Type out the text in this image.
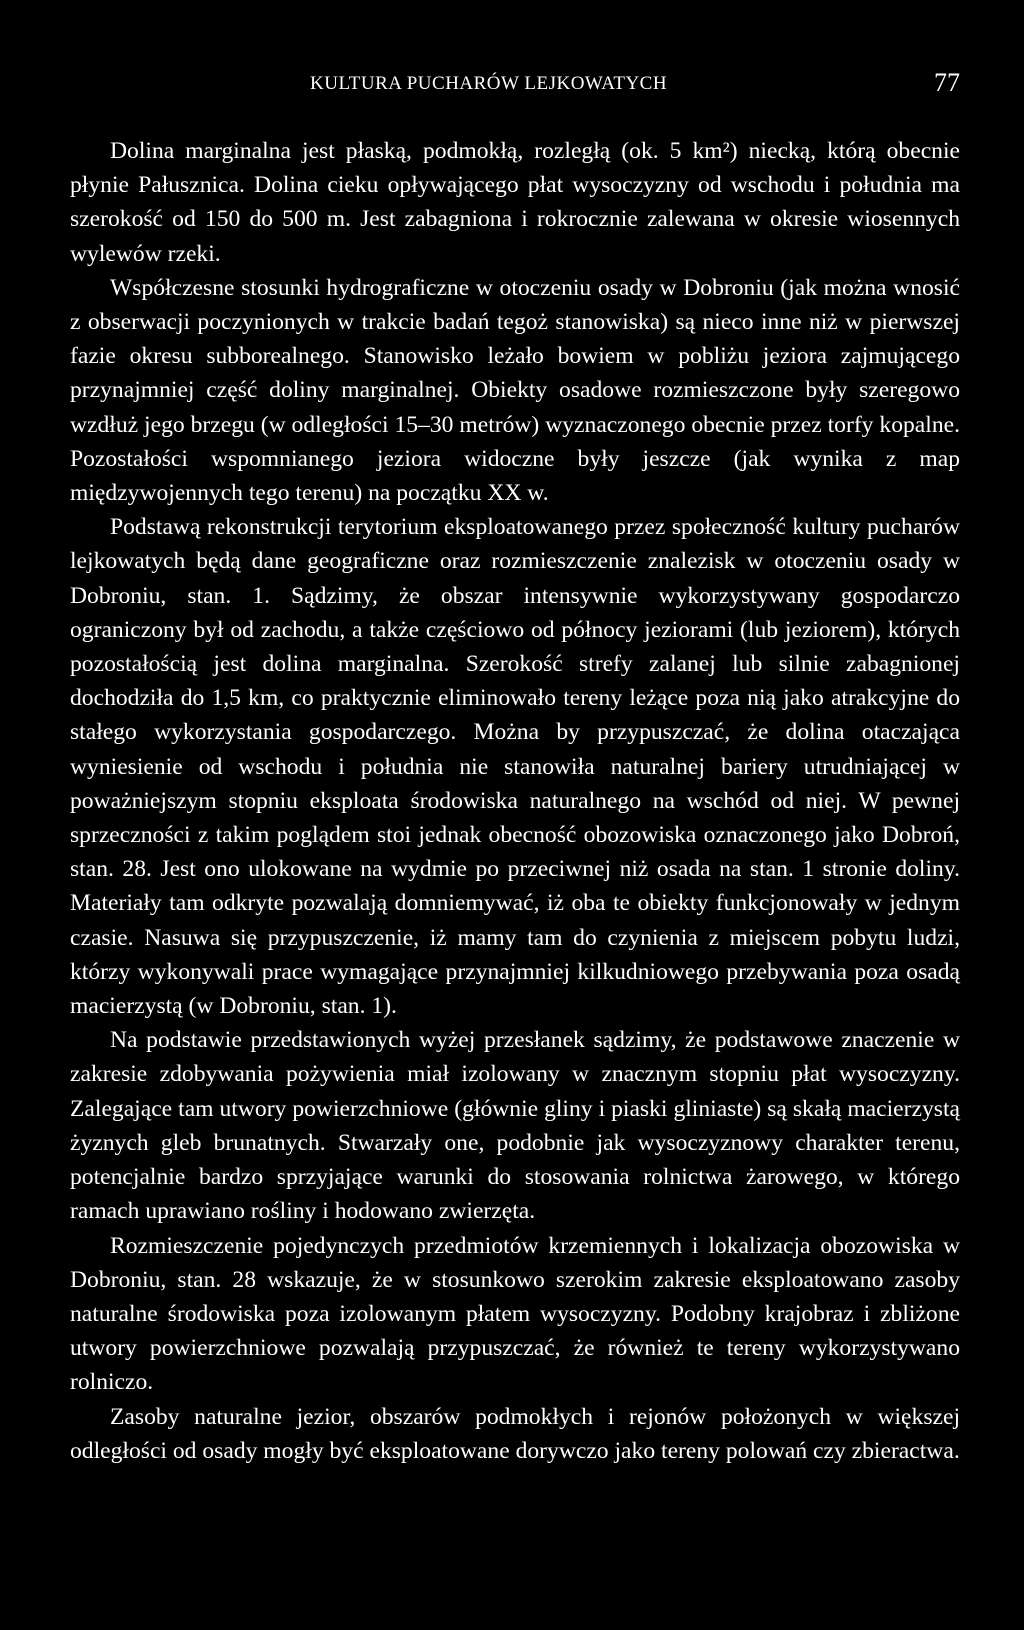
KULTURA PUCHARÓW LEJKOWATYCH	77

Dolina marginalna jest płaską, podmokłą, rozległą (ok. 5 km²) niecką, którą obecnie płynie Pałusznica. Dolina cieku opływającego płat wysoczyzny od wschodu i południa ma szerokość od 150 do 500 m. Jest zabagniona i rokrocznie zalewana w okresie wiosennych wylewów rzeki.

Współczesne stosunki hydrograficzne w otoczeniu osady w Dobroniu (jak można wnosić z obserwacji poczynionych w trakcie badań tegoż stanowiska) są nieco inne niż w pierwszej fazie okresu subborealnego. Stanowisko leżało bowiem w pobliżu jeziora zajmującego przynajmniej część doliny marginalnej. Obiekty osadowe rozmieszczone były szeregowo wzdłuż jego brzegu (w odległości 15–30 metrów) wyznaczonego obecnie przez torfy kopalne. Pozostałości wspomnianego jeziora widoczne były jeszcze (jak wynika z map międzywojennych tego terenu) na początku XX w.

Podstawą rekonstrukcji terytorium eksploatowanego przez społeczność kultury pucharów lejkowatych będą dane geograficzne oraz rozmieszczenie znalezisk w otoczeniu osady w Dobroniu, stan. 1. Sądzimy, że obszar intensywnie wykorzystywany gospodarczo ograniczony był od zachodu, a także częściowo od północy jeziorami (lub jeziorem), których pozostałością jest dolina marginalna. Szerokość strefy zalanej lub silnie zabagnionej dochodziła do 1,5 km, co praktycznie eliminowało tereny leżące poza nią jako atrakcyjne do stałego wykorzystania gospodarczego. Można by przypuszczać, że dolina otaczająca wyniesienie od wschodu i południa nie stanowiła naturalnej bariery utrudniającej w poważniejszym stopniu eksploata środowiska naturalnego na wschód od niej. W pewnej sprzeczności z takim poglądem stoi jednak obecność obozowiska oznaczonego jako Dobroń, stan. 28. Jest ono ulokowane na wydmie po przeciwnej niż osada na stan. 1 stronie doliny. Materiały tam odkryte pozwalają domniemywać, iż oba te obiekty funkcjonowały w jednym czasie. Nasuwa się przypuszczenie, iż mamy tam do czynienia z miejscem pobytu ludzi, którzy wykonywali prace wymagające przynajmniej kilkudniowego przebywania poza osadą macierzystą (w Dobroniu, stan. 1).

Na podstawie przedstawionych wyżej przesłanek sądzimy, że podstawowe znaczenie w zakresie zdobywania pożywienia miał izolowany w znacznym stopniu płat wysoczyzny. Zalegające tam utwory powierzchniowe (głównie gliny i piaski gliniaste) są skałą macierzystą żyznych gleb brunatnych. Stwarzały one, podobnie jak wysoczyznowy charakter terenu, potencjalnie bardzo sprzyjające warunki do stosowania rolnictwa żarowego, w którego ramach uprawiano rośliny i hodowano zwierzęta.

Rozmieszczenie pojedynczych przedmiotów krzemiennych i lokalizacja obozowiska w Dobroniu, stan. 28 wskazuje, że w stosunkowo szerokim zakresie eksploatowano zasoby naturalne środowiska poza izolowanym płatem wysoczyzny. Podobny krajobraz i zbliżone utwory powierzchniowe pozwalają przypuszczać, że również te tereny wykorzystywano rolniczo.

Zasoby naturalne jezior, obszarów podmokłych i rejonów położonych w większej odległości od osady mogły być eksploatowane dorywczo jako tereny polowań czy zbieractwa.
